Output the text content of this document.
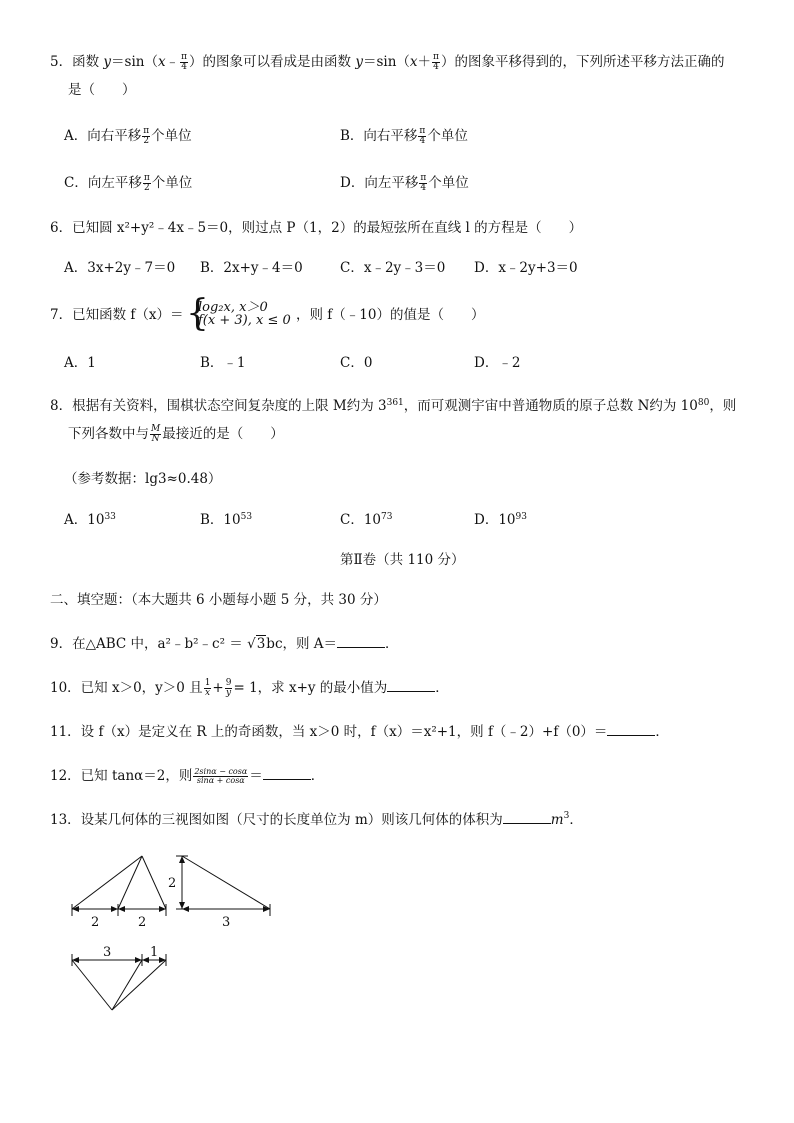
5．函数 y＝sin（x﹣ $\frac{\pi}{4}$ ）的图象可以看成是由函数 $y=\sin(x+ \frac{\pi}{4}$ ）的图象平移得到的，下列所述平移方法正确的
是（　　）
A．向右平移 $\frac{\pi}{2}$ 个单位	B．向右平移 $\frac{\pi}{4}$ 个单位
C．向左平移 $\frac{\pi}{2}$ 个单位	D．向左平移 $\frac{\pi}{4}$ 个单位
6．已知圆 x²+y²﹣4x﹣5＝0，则过点 P（1，2）的最短弦所在直线 l 的方程是（　　）
A．3x+2y﹣7＝0 B．2x+y﹣4＝0	C．x﹣2y﹣3＝0 D．x﹣2y+3＝0
7．已知函数 f（x）＝ {
log₂x, x＞0
f(x + 3), x ≤ 0 ，则 f（﹣10）的值是（　　）
A．1	B．﹣1	C．0	D．﹣2
8．根据有关资料，围棋状态空间复杂度的上限 M约为 $3^{361}$，而可观测宇宙中普通物质的原子总数 N约为 $10^{80}$，则
下列各数中与 $\frac{M}{N}$ 最接近的是（　　）
（参考数据：lg3≈0.48）
A．$10^{33}$	B．$10^{53}$	C．$10^{73}$	D．$10^{93}$
第Ⅱ卷（共 110 分）
二、填空题：（本大题共 6 小题每小题 5 分，共 30 分）
9．在△ABC 中，a²﹣b²﹣c² ＝ √3bc，则 A＝	．
10．已知 x＞0，y＞0 且 $\frac{1}{x} + \frac{9}{y} = 1$，求 x+y 的最小值为	．
11．设 f（x）是定义在 R 上的奇函数，当 x＞0 时，f（x）＝x²+1，则 f（﹣2）+f（0）＝	．
12．已知 tanα＝2，则 $\frac{2\sin\alpha - \cos\alpha}{\sin\alpha + \cos\alpha}$ ＝	．
13．设某几何体的三视图如图（尺寸的长度单位为 m）则该几何体的体积为	$m^3$．
2	2
2
3
3	1
